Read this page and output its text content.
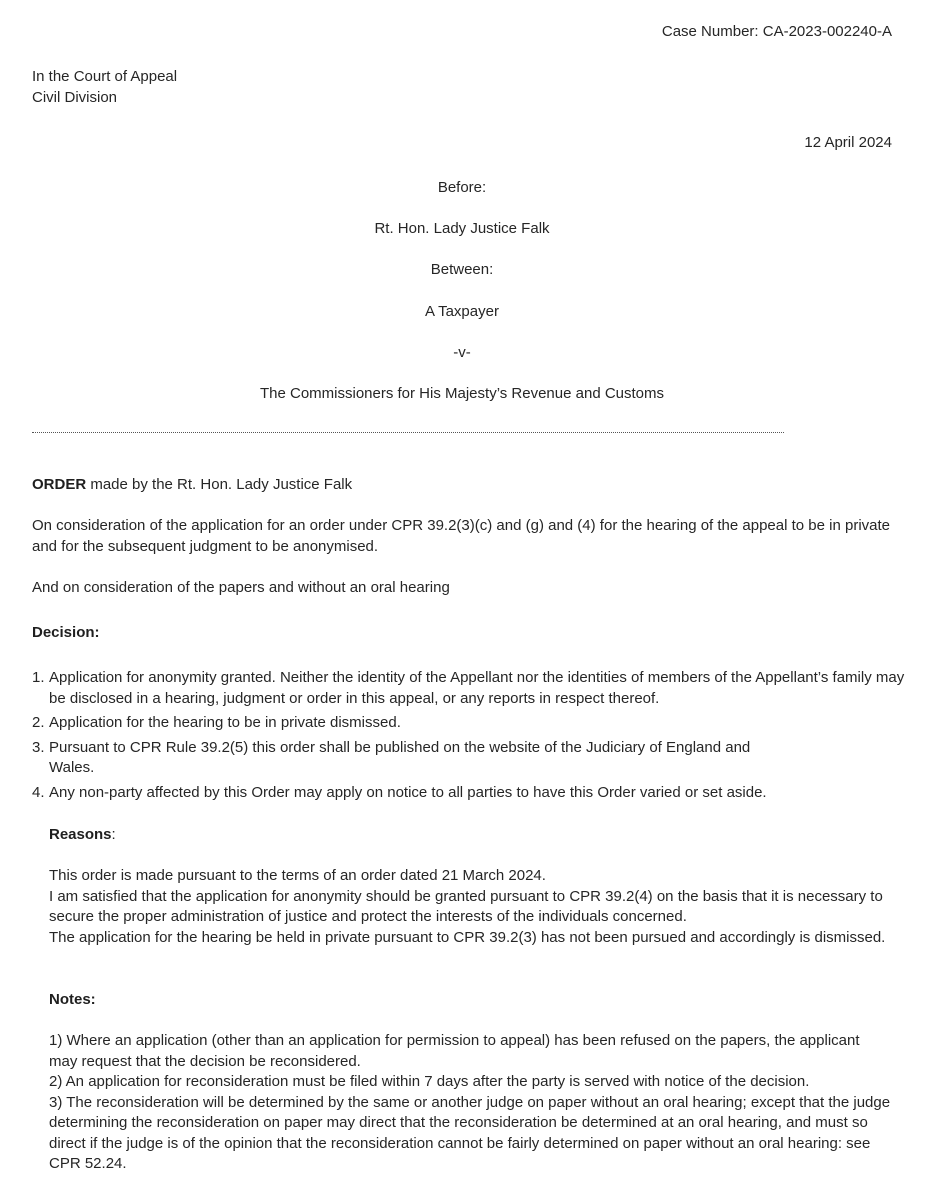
Case Number: CA-2023-002240-A
In the Court of Appeal
Civil Division
12 April 2024
Before:
Rt. Hon. Lady Justice Falk
Between:
A Taxpayer
-v-
The Commissioners for His Majesty’s Revenue and Customs

ORDER made by the Rt. Hon. Lady Justice Falk

On consideration of the application for an order under CPR 39.2(3)(c) and (g) and (4) for the hearing of the appeal to be in private and for the subsequent judgment to be anonymised.

And on consideration of the papers and without an oral hearing

Decision:

Application for anonymity granted. Neither the identity of the Appellant nor the identities of members of the Appellant’s family may be disclosed in a hearing, judgment or order in this appeal, or any reports in respect thereof.
Application for the hearing to be in private dismissed.
Pursuant to CPR Rule 39.2(5) this order shall be published on the website of the Judiciary of England and Wales.
Any non-party affected by this Order may apply on notice to all parties to have this Order varied or set aside.

Reasons:

This order is made pursuant to the terms of an order dated 21 March 2024.

I am satisfied that the application for anonymity should be granted pursuant to CPR 39.2(4) on the basis that it is necessary to secure the proper administration of justice and protect the interests of the individuals concerned.

The application for the hearing be held in private pursuant to CPR 39.2(3) has not been pursued and accordingly is dismissed.

Notes:

1) Where an application (other than an application for permission to appeal) has been refused on the papers, the applicant may request that the decision be reconsidered.

2) An application for reconsideration must be filed within 7 days after the party is served with notice of the decision.

3) The reconsideration will be determined by the same or another judge on paper without an oral hearing; except that the judge determining the reconsideration on paper may direct that the reconsideration be determined at an oral hearing, and must so direct if the judge is of the opinion that the reconsideration cannot be fairly determined on paper without an oral hearing: see CPR 52.24.
